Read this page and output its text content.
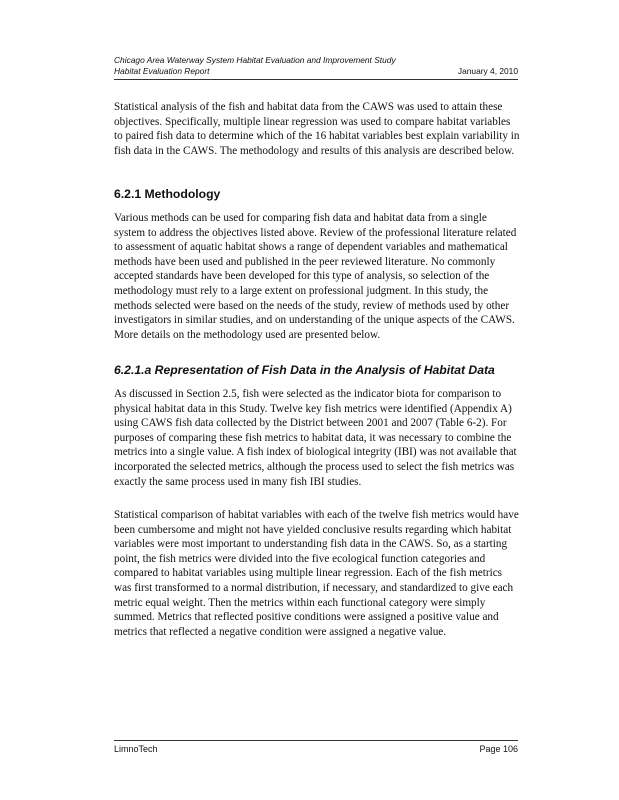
Chicago Area Waterway System Habitat Evaluation and Improvement Study
Habitat Evaluation Report	January 4, 2010

Statistical analysis of the fish and habitat data from the CAWS was used to attain these objectives. Specifically, multiple linear regression was used to compare habitat variables to paired fish data to determine which of the 16 habitat variables best explain variability in fish data in the CAWS. The methodology and results of this analysis are described below.

6.2.1 Methodology

Various methods can be used for comparing fish data and habitat data from a single system to address the objectives listed above. Review of the professional literature related to assessment of aquatic habitat shows a range of dependent variables and mathematical methods have been used and published in the peer reviewed literature. No commonly accepted standards have been developed for this type of analysis, so selection of the methodology must rely to a large extent on professional judgment. In this study, the methods selected were based on the needs of the study, review of methods used by other investigators in similar studies, and on understanding of the unique aspects of the CAWS. More details on the methodology used are presented below.

6.2.1.a Representation of Fish Data in the Analysis of Habitat Data

As discussed in Section 2.5, fish were selected as the indicator biota for comparison to physical habitat data in this Study. Twelve key fish metrics were identified (Appendix A) using CAWS fish data collected by the District between 2001 and 2007 (Table 6-2). For purposes of comparing these fish metrics to habitat data, it was necessary to combine the metrics into a single value. A fish index of biological integrity (IBI) was not available that incorporated the selected metrics, although the process used to select the fish metrics was exactly the same process used in many fish IBI studies.

Statistical comparison of habitat variables with each of the twelve fish metrics would have been cumbersome and might not have yielded conclusive results regarding which habitat variables were most important to understanding fish data in the CAWS. So, as a starting point, the fish metrics were divided into the five ecological function categories and compared to habitat variables using multiple linear regression. Each of the fish metrics was first transformed to a normal distribution, if necessary, and standardized to give each metric equal weight. Then the metrics within each functional category were simply summed. Metrics that reflected positive conditions were assigned a positive value and metrics that reflected a negative condition were assigned a negative value.

LimnoTech	Page 106
